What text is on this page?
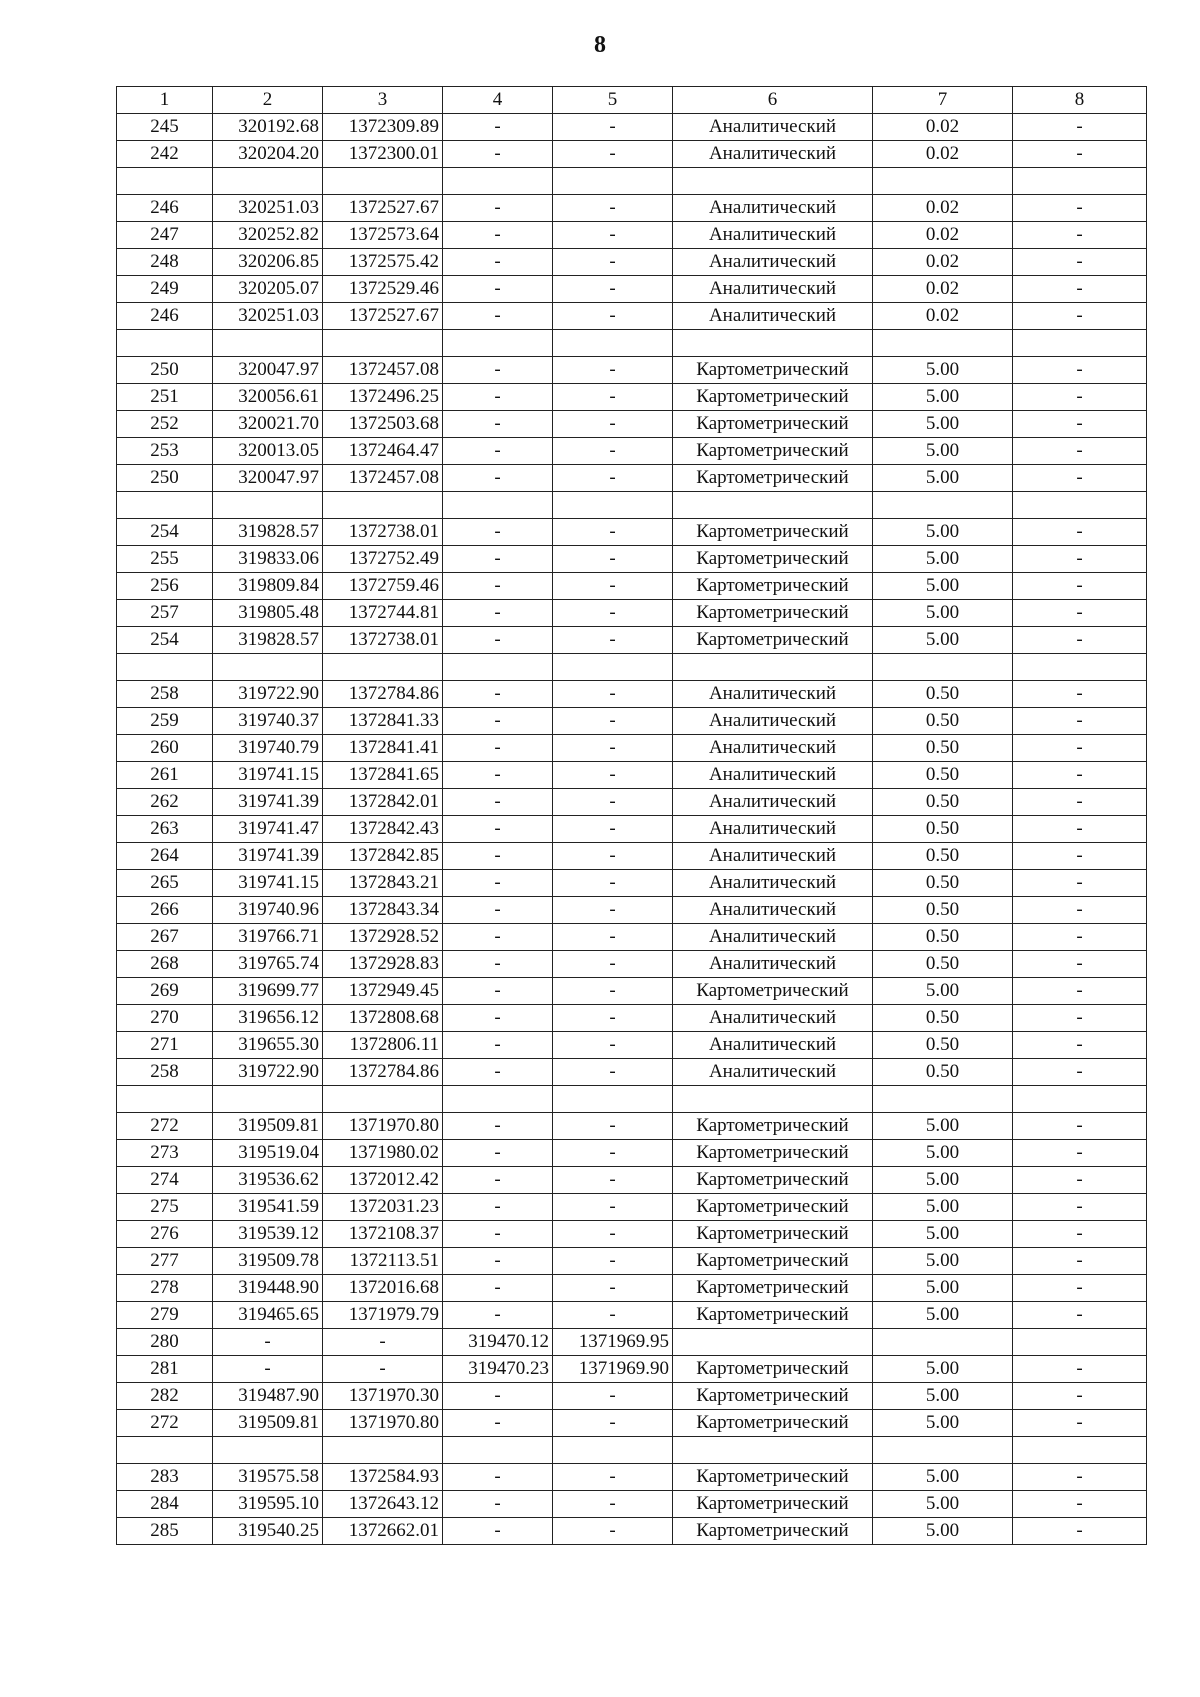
8
1	2	3	4	5	6	7	8
245	320192.68	1372309.89	-	-	Аналитический	0.02	-
242	320204.20	1372300.01	-	-	Аналитический	0.02	-

246	320251.03	1372527.67	-	-	Аналитический	0.02	-
247	320252.82	1372573.64	-	-	Аналитический	0.02	-
248	320206.85	1372575.42	-	-	Аналитический	0.02	-
249	320205.07	1372529.46	-	-	Аналитический	0.02	-
246	320251.03	1372527.67	-	-	Аналитический	0.02	-

250	320047.97	1372457.08	-	-	Картометрический	5.00	-
251	320056.61	1372496.25	-	-	Картометрический	5.00	-
252	320021.70	1372503.68	-	-	Картометрический	5.00	-
253	320013.05	1372464.47	-	-	Картометрический	5.00	-
250	320047.97	1372457.08	-	-	Картометрический	5.00	-

254	319828.57	1372738.01	-	-	Картометрический	5.00	-
255	319833.06	1372752.49	-	-	Картометрический	5.00	-
256	319809.84	1372759.46	-	-	Картометрический	5.00	-
257	319805.48	1372744.81	-	-	Картометрический	5.00	-
254	319828.57	1372738.01	-	-	Картометрический	5.00	-

258	319722.90	1372784.86	-	-	Аналитический	0.50	-
259	319740.37	1372841.33	-	-	Аналитический	0.50	-
260	319740.79	1372841.41	-	-	Аналитический	0.50	-
261	319741.15	1372841.65	-	-	Аналитический	0.50	-
262	319741.39	1372842.01	-	-	Аналитический	0.50	-
263	319741.47	1372842.43	-	-	Аналитический	0.50	-
264	319741.39	1372842.85	-	-	Аналитический	0.50	-
265	319741.15	1372843.21	-	-	Аналитический	0.50	-
266	319740.96	1372843.34	-	-	Аналитический	0.50	-
267	319766.71	1372928.52	-	-	Аналитический	0.50	-
268	319765.74	1372928.83	-	-	Аналитический	0.50	-
269	319699.77	1372949.45	-	-	Картометрический	5.00	-
270	319656.12	1372808.68	-	-	Аналитический	0.50	-
271	319655.30	1372806.11	-	-	Аналитический	0.50	-
258	319722.90	1372784.86	-	-	Аналитический	0.50	-

272	319509.81	1371970.80	-	-	Картометрический	5.00	-
273	319519.04	1371980.02	-	-	Картометрический	5.00	-
274	319536.62	1372012.42	-	-	Картометрический	5.00	-
275	319541.59	1372031.23	-	-	Картометрический	5.00	-
276	319539.12	1372108.37	-	-	Картометрический	5.00	-
277	319509.78	1372113.51	-	-	Картометрический	5.00	-
278	319448.90	1372016.68	-	-	Картометрический	5.00	-
279	319465.65	1371979.79	-	-	Картометрический	5.00	-
280	-	-	319470.12	1371969.95			
281	-	-	319470.23	1371969.90	Картометрический	5.00	-
282	319487.90	1371970.30	-	-	Картометрический	5.00	-
272	319509.81	1371970.80	-	-	Картометрический	5.00	-

283	319575.58	1372584.93	-	-	Картометрический	5.00	-
284	319595.10	1372643.12	-	-	Картометрический	5.00	-
285	319540.25	1372662.01	-	-	Картометрический	5.00	-
